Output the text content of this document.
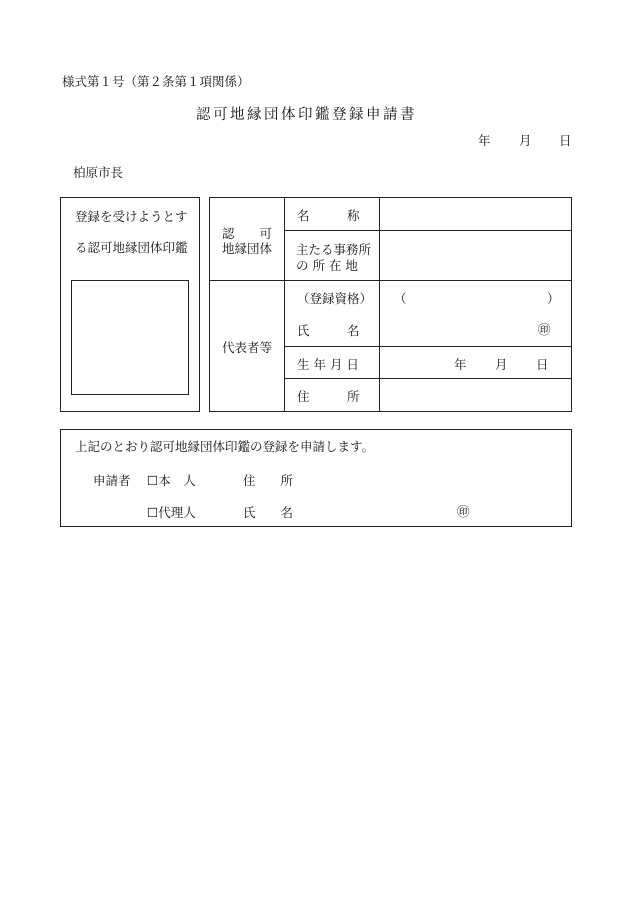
様式第１号（第２条第１項関係）
認可地縁団体印鑑登録申請書
年 月 日
柏原市長
登録を受けようとす
る認可地縁団体印鑑
認　　可
地縁団体
名　　　称
主たる事務所
の 所 在 地
代表者等
（登録資格） （	）
氏　　　名	㊞
生 年 月 日	年 月 日
住　　　所
上記のとおり認可地縁団体印鑑の登録を申請します。
申請者 ☐本　人	住　　所
☐代理人	氏　　名	㊞
